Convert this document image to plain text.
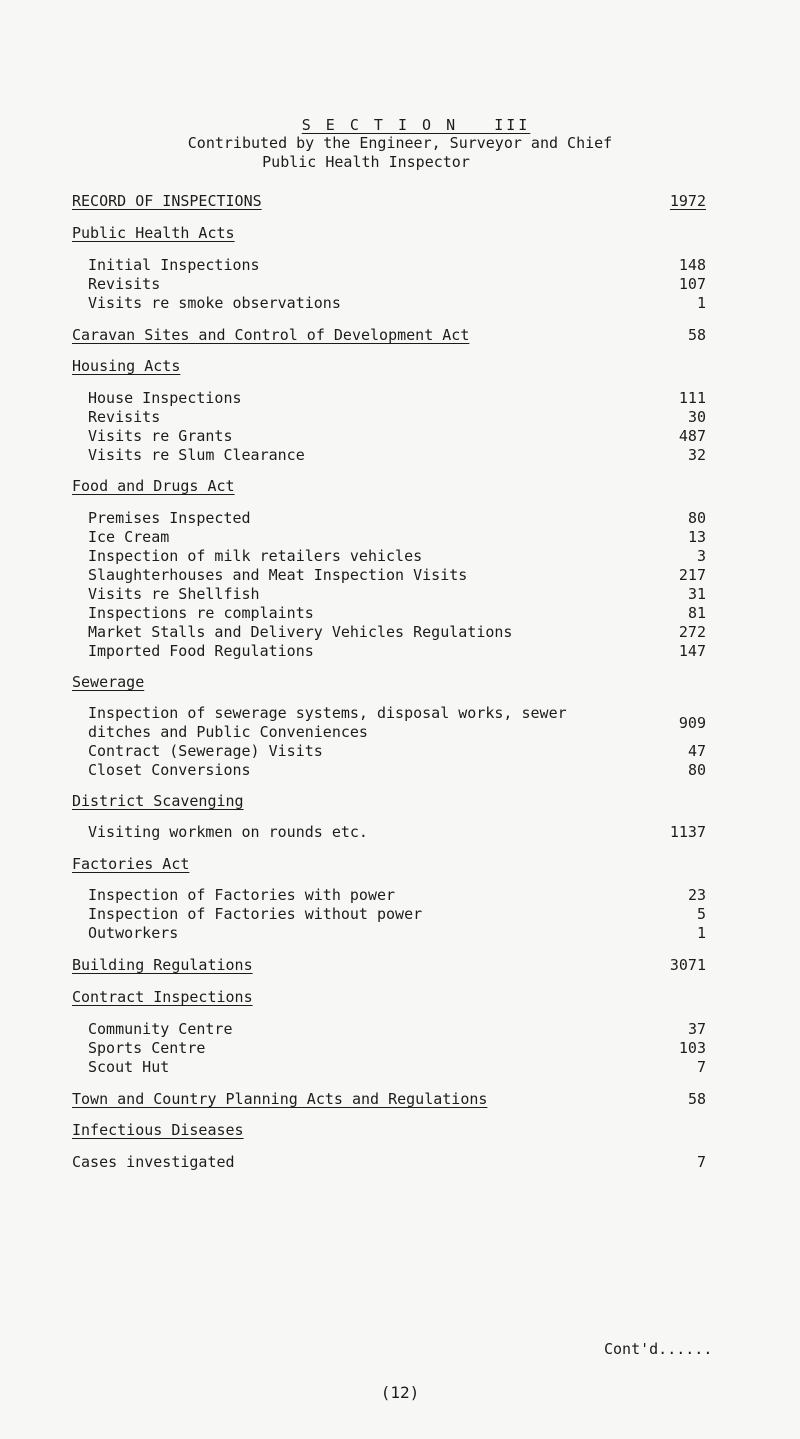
S E C T I O N   III
Contributed by the Engineer, Surveyor and Chief
Public Health Inspector
RECORD OF INSPECTIONS	1972
Public Health Acts
Initial Inspections	148
Revisits	107
Visits re smoke observations	1
Caravan Sites and Control of Development Act	58
Housing Acts
House Inspections	111
Revisits	30
Visits re Grants	487
Visits re Slum Clearance	32
Food and Drugs Act
Premises Inspected	80
Ice Cream	13
Inspection of milk retailers vehicles	3
Slaughterhouses and Meat Inspection Visits	217
Visits re Shellfish	31
Inspections re complaints	81
Market Stalls and Delivery Vehicles Regulations	272
Imported Food Regulations	147
Sewerage
Inspection of sewerage systems, disposal works, sewer
ditches and Public Conveniences	909
Contract (Sewerage) Visits	47
Closet Conversions	80
District Scavenging
Visiting workmen on rounds etc.	1137
Factories Act
Inspection of Factories with power	23
Inspection of Factories without power	5
Outworkers	1
Building Regulations	3071
Contract Inspections
Community Centre	37
Sports Centre	103
Scout Hut	7
Town and Country Planning Acts and Regulations	58
Infectious Diseases
Cases investigated	7
Cont'd......
(12)
